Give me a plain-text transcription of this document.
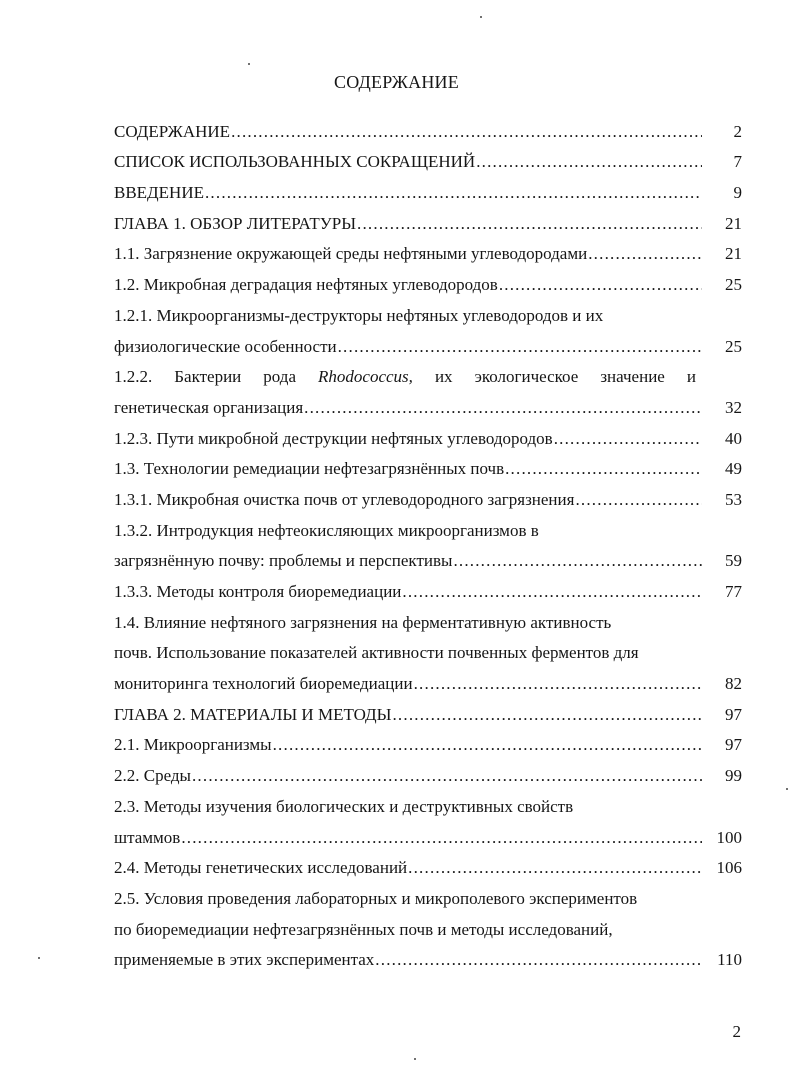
СОДЕРЖАНИЕ
СОДЕРЖАНИЕ .....	2
СПИСОК ИСПОЛЬЗОВАННЫХ СОКРАЩЕНИЙ .....	7
ВВЕДЕНИЕ .....	9
ГЛАВА 1. ОБЗОР ЛИТЕРАТУРЫ .....	21
1.1. Загрязнение окружающей среды нефтяными углеводородами .....	21
1.2. Микробная деградация нефтяных углеводородов .....	25
1.2.1. Микроорганизмы-деструкторы нефтяных углеводородов и их
физиологические особенности .....	25
1.2.2. Бактерии рода Rhodococcus, их экологическое значение и
генетическая организация .....	32
1.2.3. Пути микробной деструкции нефтяных углеводородов .....	40
1.3. Технологии ремедиации нефтезагрязнённых почв .....	49
1.3.1. Микробная очистка почв от углеводородного загрязнения .....	53
1.3.2. Интродукция нефтеокисляющих микроорганизмов в
загрязнённую почву: проблемы и перспективы .....	59
1.3.3. Методы контроля биоремедиации .....	77
1.4. Влияние нефтяного загрязнения на ферментативную активность
почв. Использование показателей активности почвенных ферментов для
мониторинга технологий биоремедиации .....	82
ГЛАВА 2. МАТЕРИАЛЫ И МЕТОДЫ .....	97
2.1. Микроорганизмы .....	97
2.2. Среды .....	99
2.3. Методы изучения биологических и деструктивных свойств
штаммов .....	100
2.4. Методы генетических исследований .....	106
2.5. Условия проведения лабораторных и микрополевого экспериментов
по биоремедиации нефтезагрязнённых почв и методы исследований,
применяемые в этих экспериментах .....	110
2
